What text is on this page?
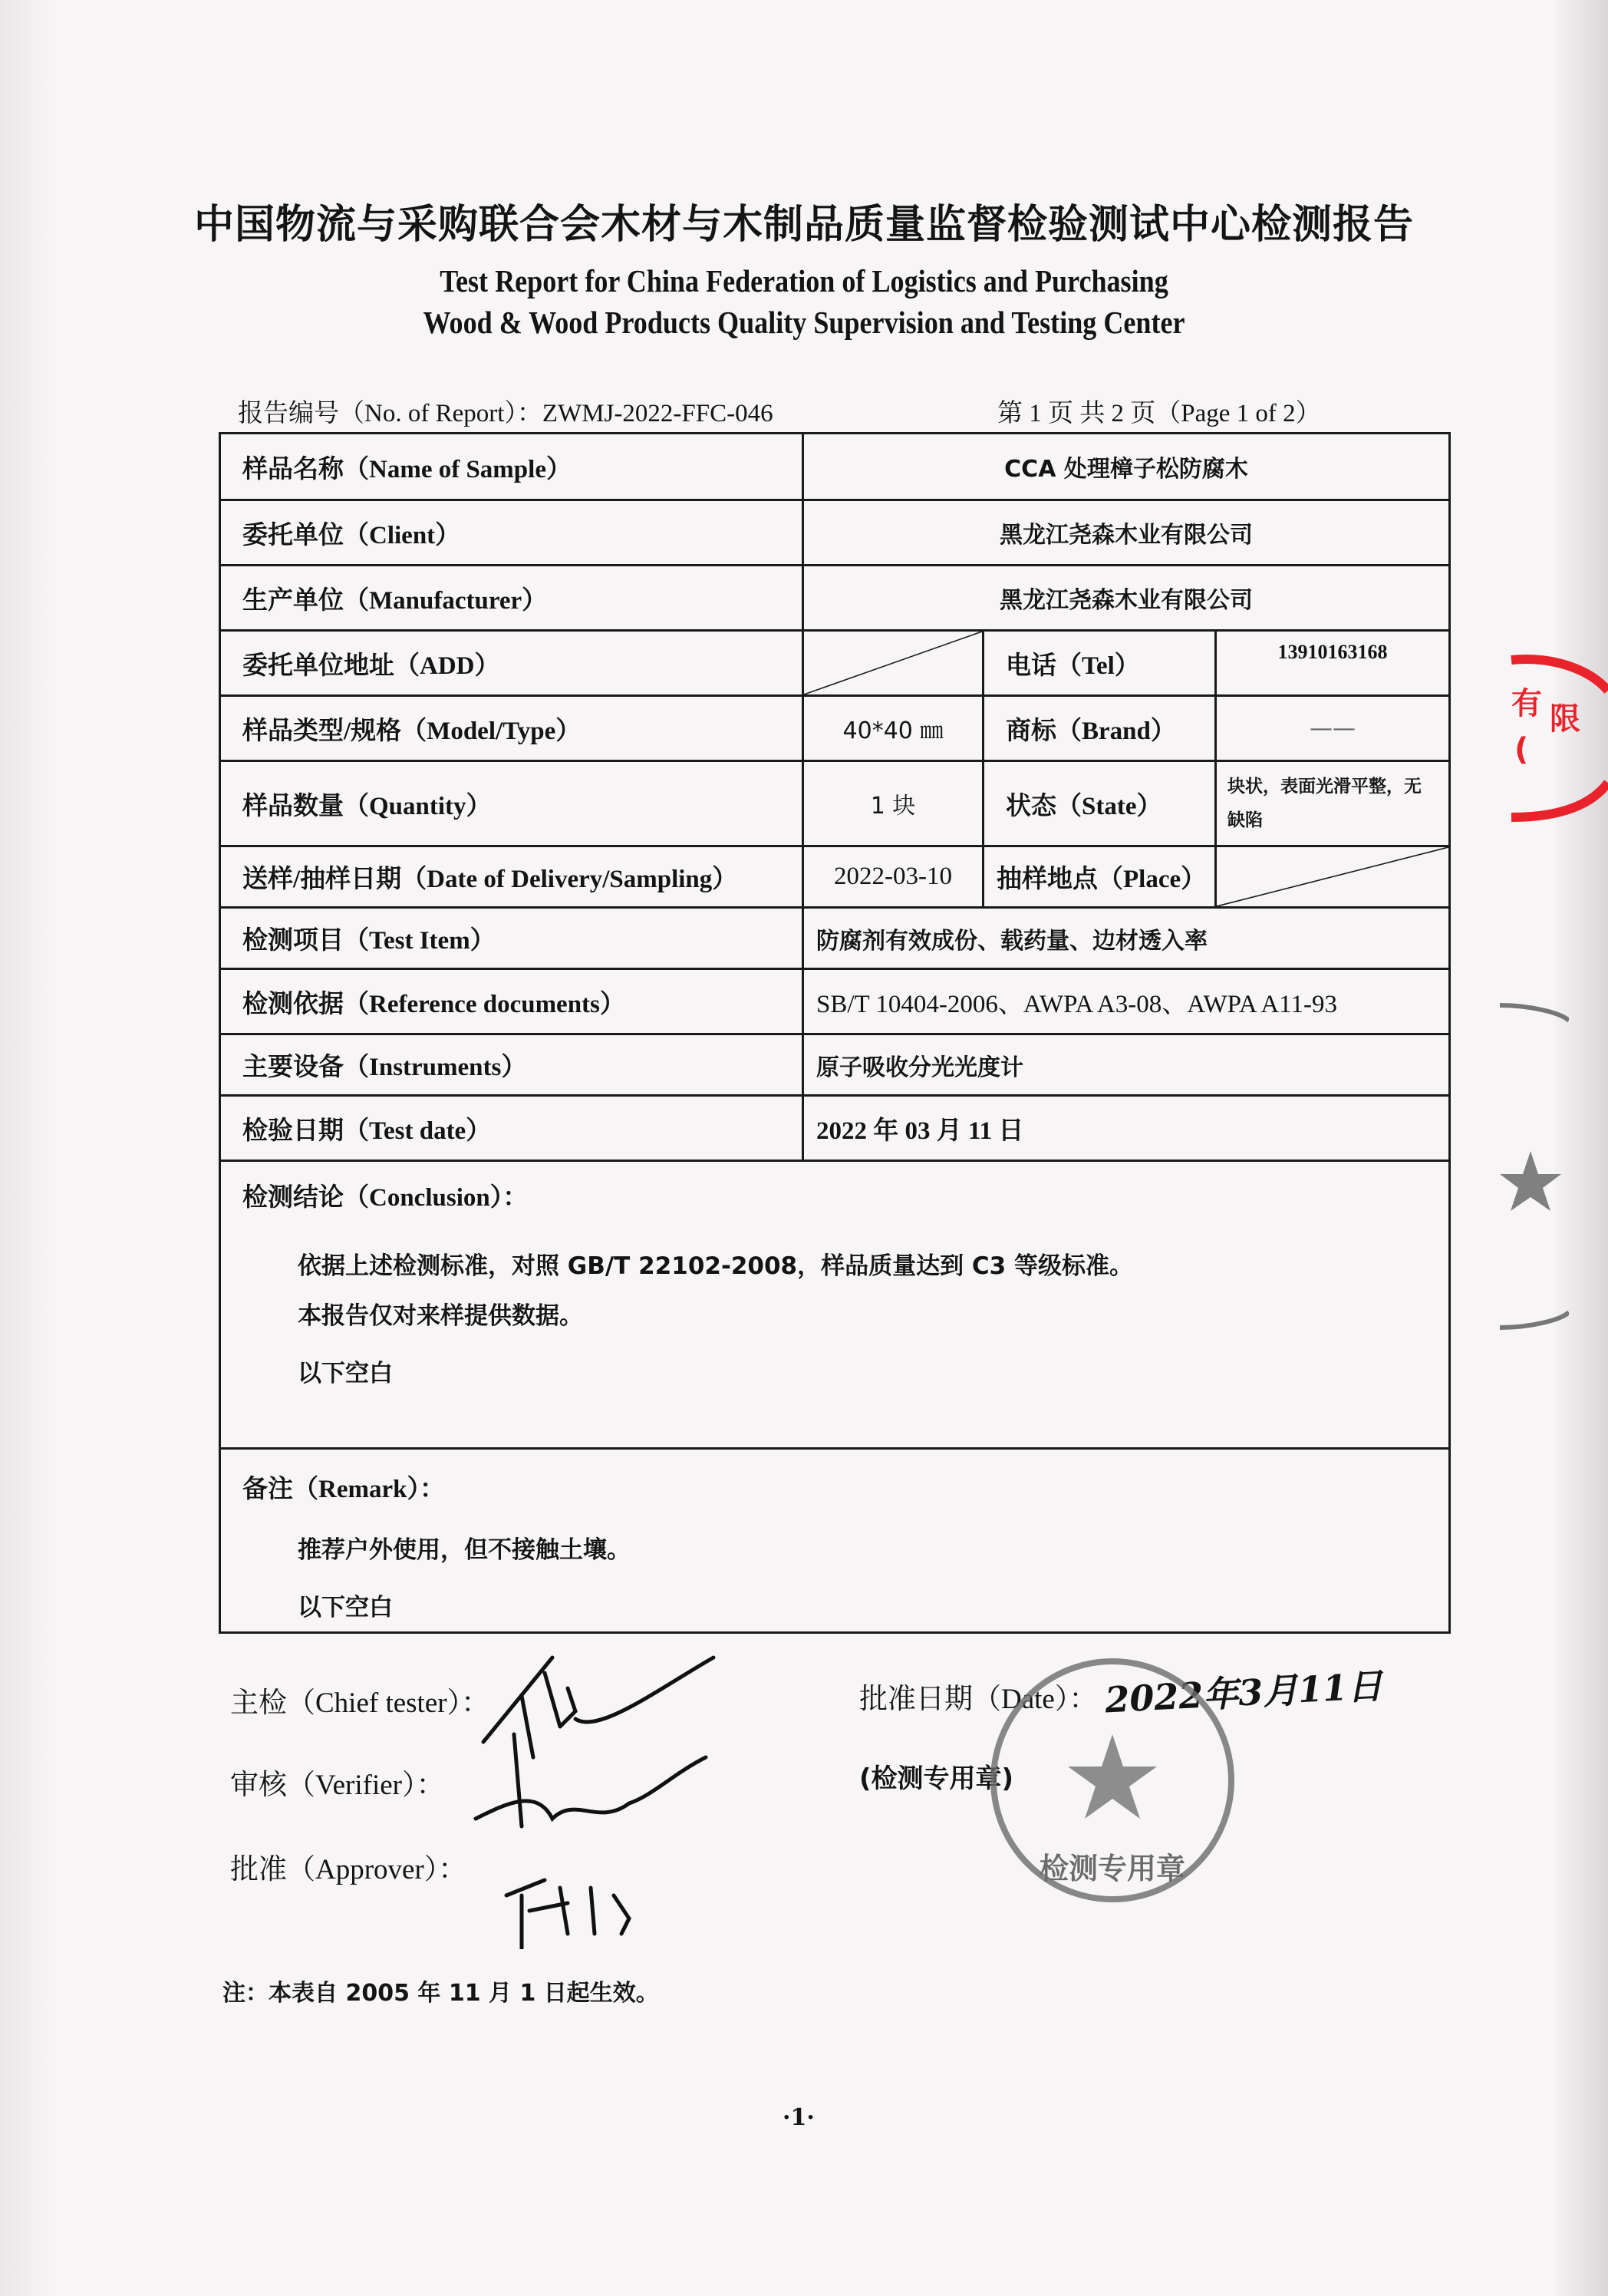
中国物流与采购联合会木材与木制品质量监督检验测试中心检测报告
Test Report for China Federation of Logistics and Purchasing
Wood & Wood Products Quality Supervision and Testing Center
报告编号（No. of Report）：ZWMJ-2022-FFC-046	第 1 页 共 2 页（Page 1 of 2）
样品名称（Name of Sample）	CCA 处理樟子松防腐木		
委托单位（Client）	黑龙江尧森木业有限公司		
生产单位（Manufacturer）	黑龙江尧森木业有限公司		
委托单位地址（ADD）		电话（Tel）	13910163168
样品类型/规格（Model/Type）	40*40 ㎜	商标（Brand）	——
样品数量（Quantity）	1 块	状态（State）	块状，表面光滑平整，无缺陷
送样/抽样日期（Date of Delivery/Sampling）	2022-03-10	抽样地点（Place）	

检测项目（Test Item）	防腐剂有效成份、载药量、边材透入率		
检测依据（Reference documents）	SB/T 10404-2006、AWPA A3-08、AWPA A11-93		
主要设备（Instruments）	原子吸收分光光度计		
检验日期（Test date）	2022 年 03 月 11 日		

检测结论（Conclusion）：
依据上述检测标准，对照 GB/T 22102-2008，样品质量达到 C3 等级标准。
本报告仅对来样提供数据。
以下空白			

备注（Remark）：
推荐户外使用，但不接触土壤。
以下空白			
主检（Chief tester）：
审核（Verifier）：
批准（Approver）：
批准日期（Date）： 2022年3月11日
(检测专用章)
检测专用章
有 限
(
注：本表自 2005 年 11 月 1 日起生效。
·1·
